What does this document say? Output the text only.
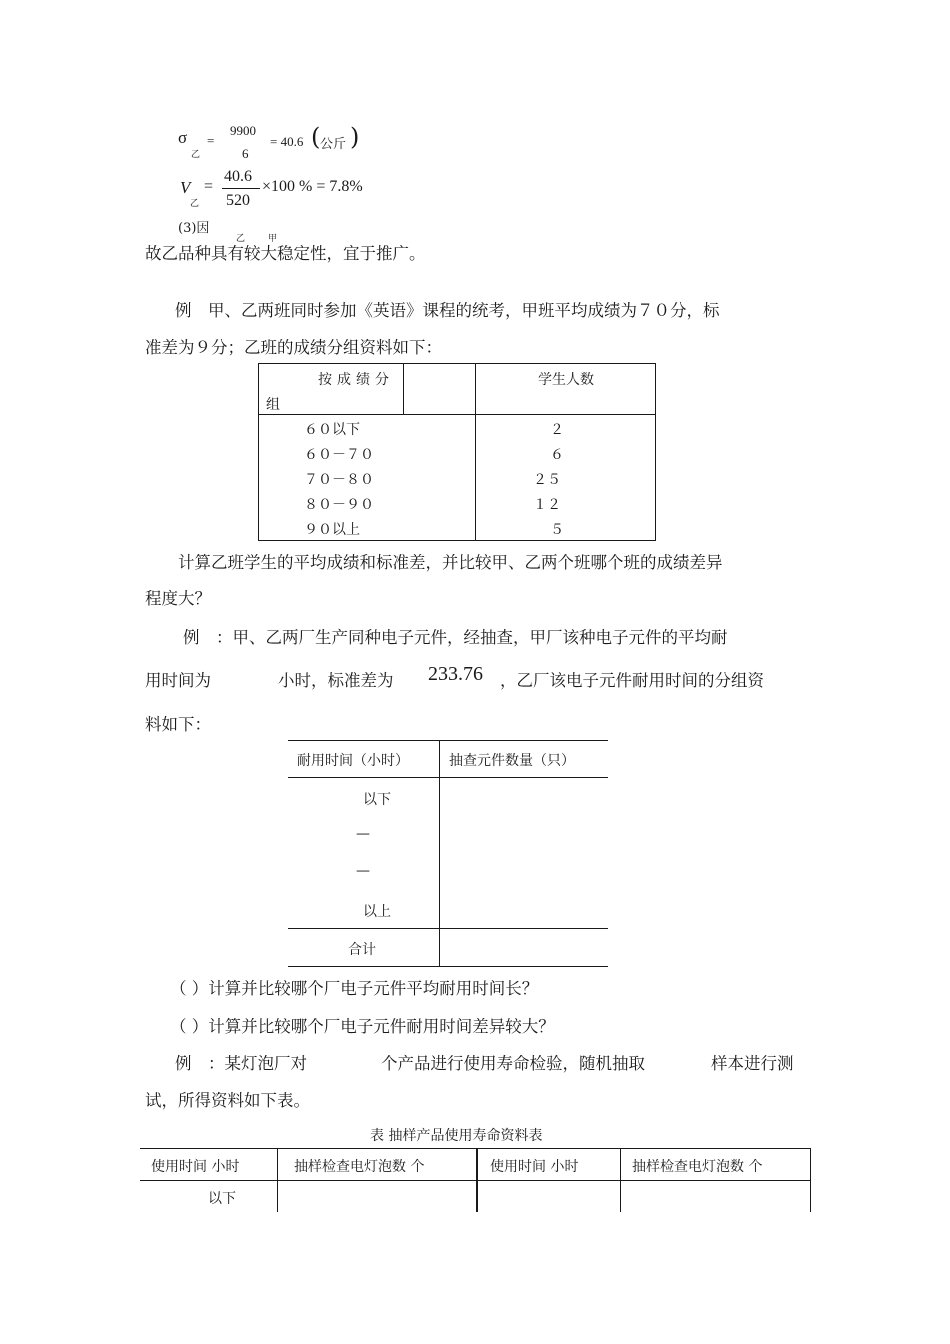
σ
乙
=
9900
6
= 40.6 ( 公斤 )
V
乙
=
40.6
520
×100 % = 7.8%
(3)因
乙	甲
故乙品种具有较大稳定性，宜于推广。
例　甲、乙两班同时参加《英语》课程的统考，甲班平均成绩为７０分，标
准差为９分；乙班的成绩分组资料如下：
按成绩分
组
学生人数
６０以下	２
６０－７０	６
７０－８０	２５
８０－９０	１２
９０以上	５
计算乙班学生的平均成绩和标准差，并比较甲、乙两个班哪个班的成绩差异
程度大？
例　：甲、乙两厂生产同种电子元件，经抽查，甲厂该种电子元件的平均耐
用时间为	小时，标准差为 233.76 ，乙厂该电子元件耐用时间的分组资
料如下：
耐用时间（小时）	抽查元件数量（只）
以下
—
—
以上
合计
（ ）计算并比较哪个厂电子元件平均耐用时间长？
（ ）计算并比较哪个厂电子元件耐用时间差异较大？
例　：某灯泡厂对	个产品进行使用寿命检验，随机抽取	样本进行测
试，所得资料如下表。
表 抽样产品使用寿命资料表
使用时间 小时	抽样检查电灯泡数 个	使用时间 小时	抽样检查电灯泡数 个
以下
